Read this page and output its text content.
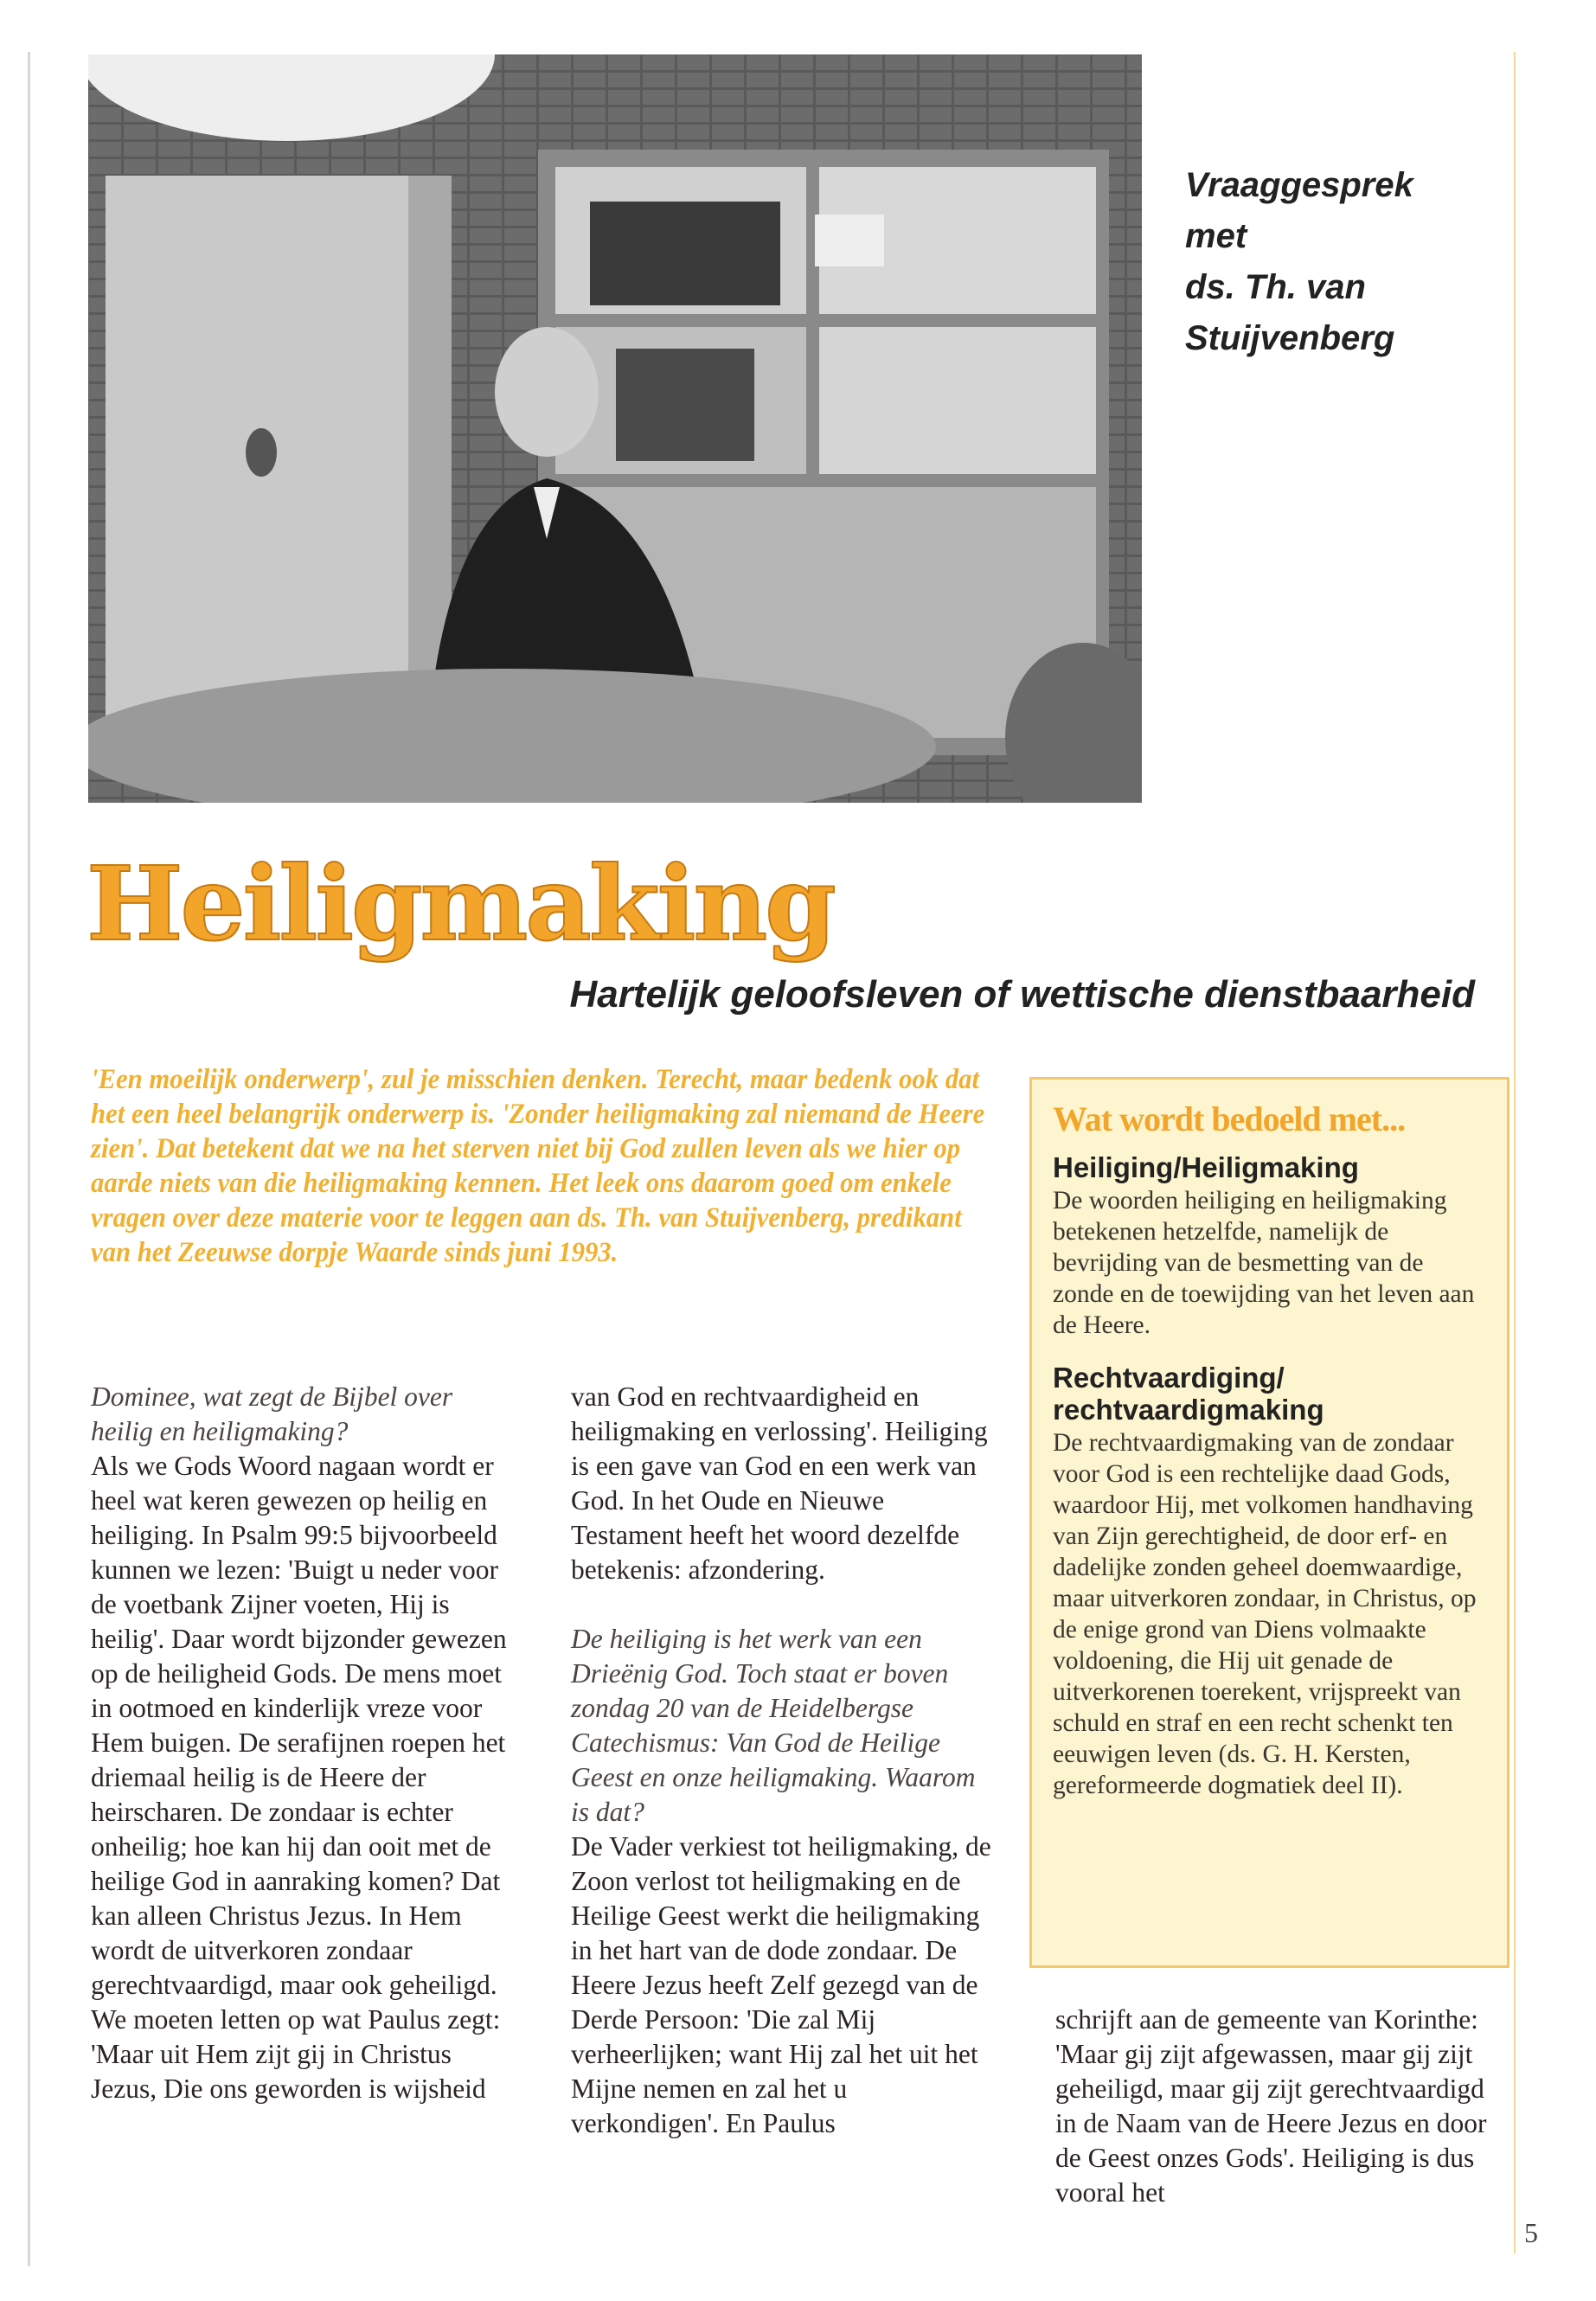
Vraaggesprek
met
ds. Th. van
Stuijvenberg
Heiligmaking
Hartelijk geloofsleven of wettische dienstbaarheid
'Een moeilijk onderwerp', zul je misschien denken. Terecht, maar bedenk ook dat het een heel belangrijk onderwerp is. 'Zonder heiligmaking zal niemand de Heere zien'. Dat betekent dat we na het sterven niet bij God zullen leven als we hier op aarde niets van die heiligmaking kennen. Het leek ons daarom goed om enkele vragen over deze materie voor te leggen aan ds. Th. van Stuijvenberg, predikant van het Zeeuwse dorpje Waarde sinds juni 1993.

Dominee, wat zegt de Bijbel over heilig en heiligmaking?

Als we Gods Woord nagaan wordt er heel wat keren gewezen op heilig en heiliging. In Psalm 99:5 bijvoorbeeld kunnen we lezen: 'Buigt u neder voor de voetbank Zijner voeten, Hij is heilig'. Daar wordt bijzonder gewezen op de heiligheid Gods. De mens moet in ootmoed en kinderlijk vreze voor Hem buigen. De serafijnen roepen het driemaal heilig is de Heere der heirscharen. De zondaar is echter onheilig; hoe kan hij dan ooit met de heilige God in aanraking komen? Dat kan alleen Christus Jezus. In Hem wordt de uitverkoren zondaar gerechtvaardigd, maar ook geheiligd. We moeten letten op wat Paulus zegt: 'Maar uit Hem zijt gij in Christus Jezus, Die ons geworden is wijsheid

van God en rechtvaardigheid en heiligmaking en verlossing'. Heiliging is een gave van God en een werk van God. In het Oude en Nieuwe Testament heeft het woord dezelfde betekenis: afzondering.

De heiliging is het werk van een Drieënig God. Toch staat er boven zondag 20 van de Heidelbergse Catechismus: Van God de Heilige Geest en onze heiligmaking. Waarom is dat?

De Vader verkiest tot heiligmaking, de Zoon verlost tot heiligmaking en de Heilige Geest werkt die heiligmaking in het hart van de dode zondaar. De Heere Jezus heeft Zelf gezegd van de Derde Persoon: 'Die zal Mij verheerlijken; want Hij zal het uit het Mijne nemen en zal het u verkondigen'. En Paulus

Wat wordt bedoeld met...
Heiliging/Heiligmaking

De woorden heiliging en heiligmaking betekenen hetzelfde, namelijk de bevrijding van de besmetting van de zonde en de toewijding van het leven aan de Heere.

Rechtvaardiging/ rechtvaardigmaking

De rechtvaardigmaking van de zondaar voor God is een rechtelijke daad Gods, waardoor Hij, met volkomen handhaving van Zijn gerechtigheid, de door erf- en dadelijke zonden geheel doemwaardige, maar uitverkoren zondaar, in Christus, op de enige grond van Diens volmaakte voldoening, die Hij uit genade de uitverkorenen toerekent, vrijspreekt van schuld en straf en een recht schenkt ten eeuwigen leven (ds. G. H. Kersten, gereformeerde dogmatiek deel II).

schrijft aan de gemeente van Korinthe: 'Maar gij zijt afgewassen, maar gij zijt geheiligd, maar gij zijt gerechtvaardigd in de Naam van de Heere Jezus en door de Geest onzes Gods'. Heiliging is dus vooral het

5
